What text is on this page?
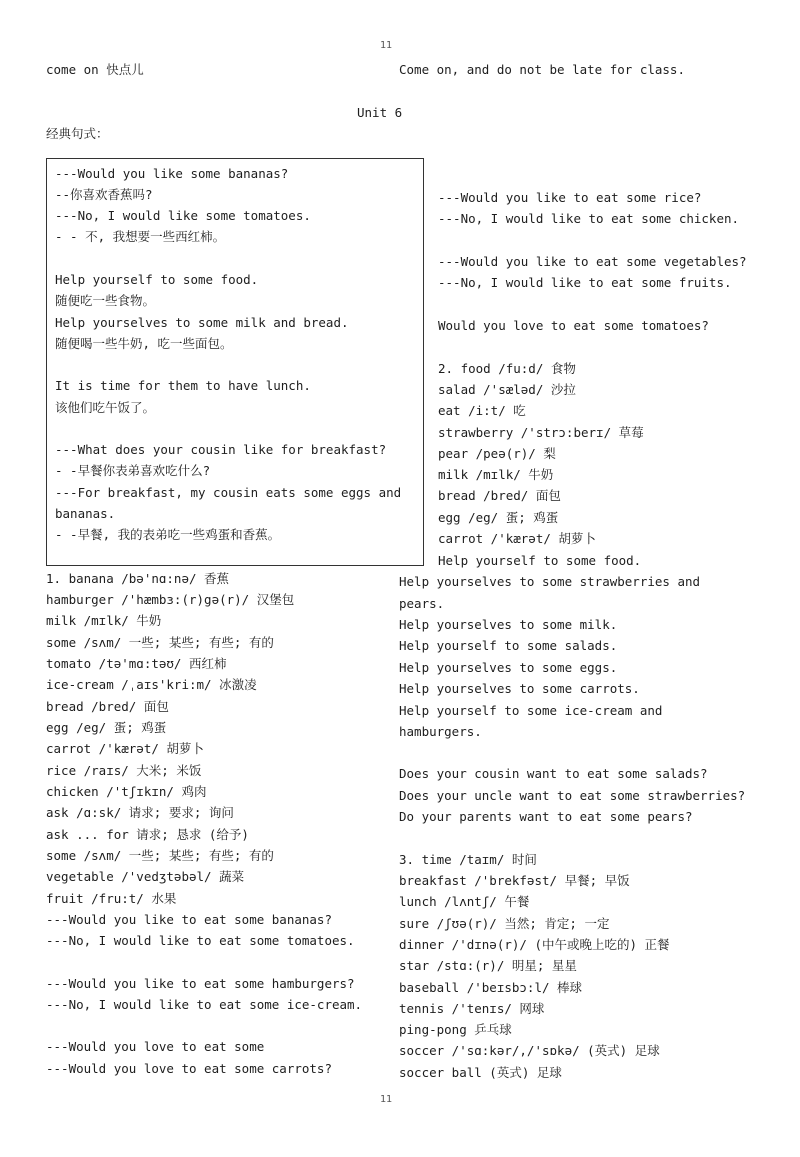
11
come on 快点儿	Come on, and do not be late for class.
Unit 6
经典句式：
---Would you like some bananas?
--你喜欢香蕉吗?
---No, I would like some tomatoes.
- - 不, 我想要一些西红柿。
Help yourself to some food.
随便吃一些食物。
Help yourselves to some milk and bread.
随便喝一些牛奶, 吃一些面包。
It is time for them to have lunch.
该他们吃午饭了。
---What does your cousin like for breakfast?
- -早餐你表弟喜欢吃什么?
---For breakfast, my cousin eats some eggs and
bananas.
- -早餐, 我的表弟吃一些鸡蛋和香蕉。
1. banana /bə'nɑ:nə/ 香蕉
hamburger /'hæmbɜ:(r)gə(r)/ 汉堡包
milk /mɪlk/ 牛奶
some /sʌm/ 一些; 某些; 有些; 有的
tomato /tə'mɑ:təʊ/ 西红柿
ice-cream /ˌaɪs'kri:m/ 冰激凌
bread /bred/ 面包
egg /eg/ 蛋; 鸡蛋
carrot /'kærət/ 胡萝卜
rice /raɪs/ 大米; 米饭
chicken /'tʃɪkɪn/ 鸡肉
ask /ɑ:sk/ 请求; 要求; 询问
ask ... for 请求; 恳求 (给予)
some /sʌm/ 一些; 某些; 有些; 有的
vegetable /'vedʒtəbəl/ 蔬菜
fruit /fru:t/ 水果
---Would you like to eat some bananas?
---No, I would like to eat some tomatoes.
---Would you like to eat some hamburgers?
---No, I would like to eat some ice-cream.
---Would you love to eat some
---Would you love to eat some carrots?
---Would you like to eat some rice?
---No, I would like to eat some chicken.
---Would you like to eat some vegetables?
---No, I would like to eat some fruits.
Would you love to eat some tomatoes?
2. food /fu:d/ 食物
salad /'sæləd/ 沙拉
eat /i:t/ 吃
strawberry /'strɔ:berɪ/ 草莓
pear /peə(r)/ 梨
milk /mɪlk/ 牛奶
bread /bred/ 面包
egg /eg/ 蛋; 鸡蛋
carrot /'kærət/ 胡萝卜
Help yourself to some food.
Help yourselves to some strawberries and
pears.
Help yourselves to some milk.
Help yourself to some salads.
Help yourselves to some eggs.
Help yourselves to some carrots.
Help yourself to some ice-cream and
hamburgers.
Does your cousin want to eat some salads?
Does your uncle want to eat some strawberries?
Do your parents want to eat some pears?
3. time /taɪm/ 时间
breakfast /'brekfəst/ 早餐; 早饭
lunch /lʌntʃ/ 午餐
sure /ʃʊə(r)/ 当然; 肯定; 一定
dinner /'dɪnə(r)/ (中午或晚上吃的) 正餐
star /stɑ:(r)/ 明星; 星星
baseball /'beɪsbɔ:l/ 棒球
tennis /'tenɪs/ 网球
ping-pong 乒乓球
soccer /'sɑ:kər/,/'sɒkə/ (英式) 足球
soccer ball (英式) 足球
11
